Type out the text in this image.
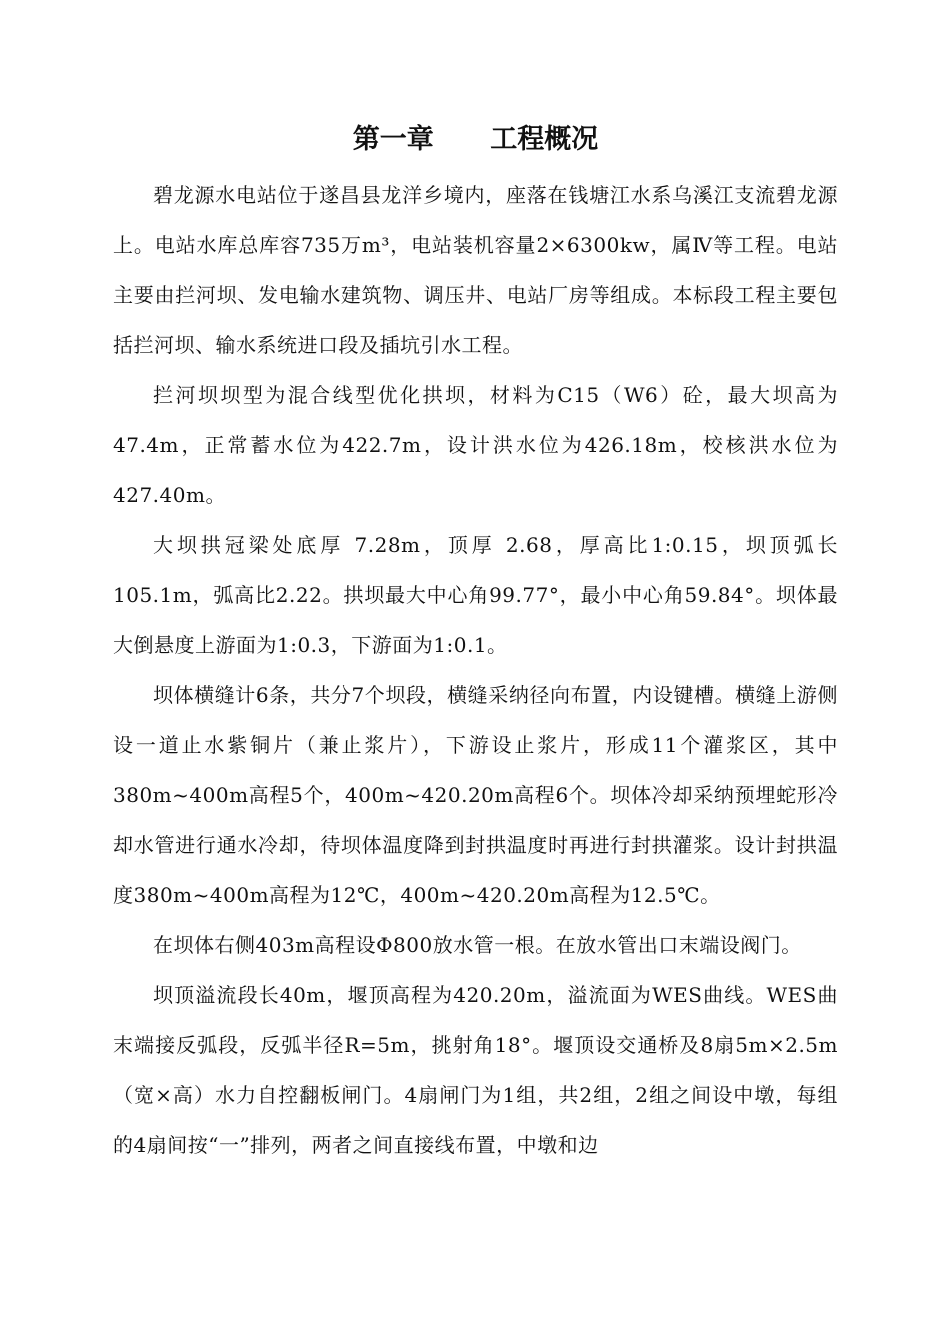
第一章      工程概况

碧龙源水电站位于遂昌县龙洋乡境内，座落在钱塘江水系乌溪江支流碧龙源上。电站水库总库容735万m³，电站装机容量2×6300kw，属Ⅳ等工程。电站主要由拦河坝、发电输水建筑物、调压井、电站厂房等组成。本标段工程主要包括拦河坝、输水系统进口段及插坑引水工程。

拦河坝坝型为混合线型优化拱坝，材料为C15（W6）砼，最大坝高为47.4m，正常蓄水位为422.7m，设计洪水位为426.18m，校核洪水位为427.40m。

大坝拱冠梁处底厚 7.28m，顶厚 2.68，厚高比1:0.15，坝顶弧长105.1m，弧高比2.22。拱坝最大中心角99.77°，最小中心角59.84°。坝体最大倒悬度上游面为1:0.3，下游面为1:0.1。

坝体横缝计6条，共分7个坝段，横缝采纳径向布置，内设键槽。横缝上游侧设一道止水紫铜片（兼止浆片），下游设止浆片，形成11个灌浆区，其中380m~400m高程5个，400m~420.20m高程6个。坝体冷却采纳预埋蛇形冷却水管进行通水冷却，待坝体温度降到封拱温度时再进行封拱灌浆。设计封拱温度380m~400m高程为12℃，400m~420.20m高程为12.5℃。

在坝体右侧403m高程设Φ800放水管一根。在放水管出口末端设阀门。

坝顶溢流段长40m，堰顶高程为420.20m，溢流面为WES曲线。WES曲末端接反弧段，反弧半径R=5m，挑射角18°。堰顶设交通桥及8扇5m×2.5m（宽×高）水力自控翻板闸门。4扇闸门为1组，共2组，2组之间设中墩，每组的4扇间按“一”排列，两者之间直接线布置，中墩和边
